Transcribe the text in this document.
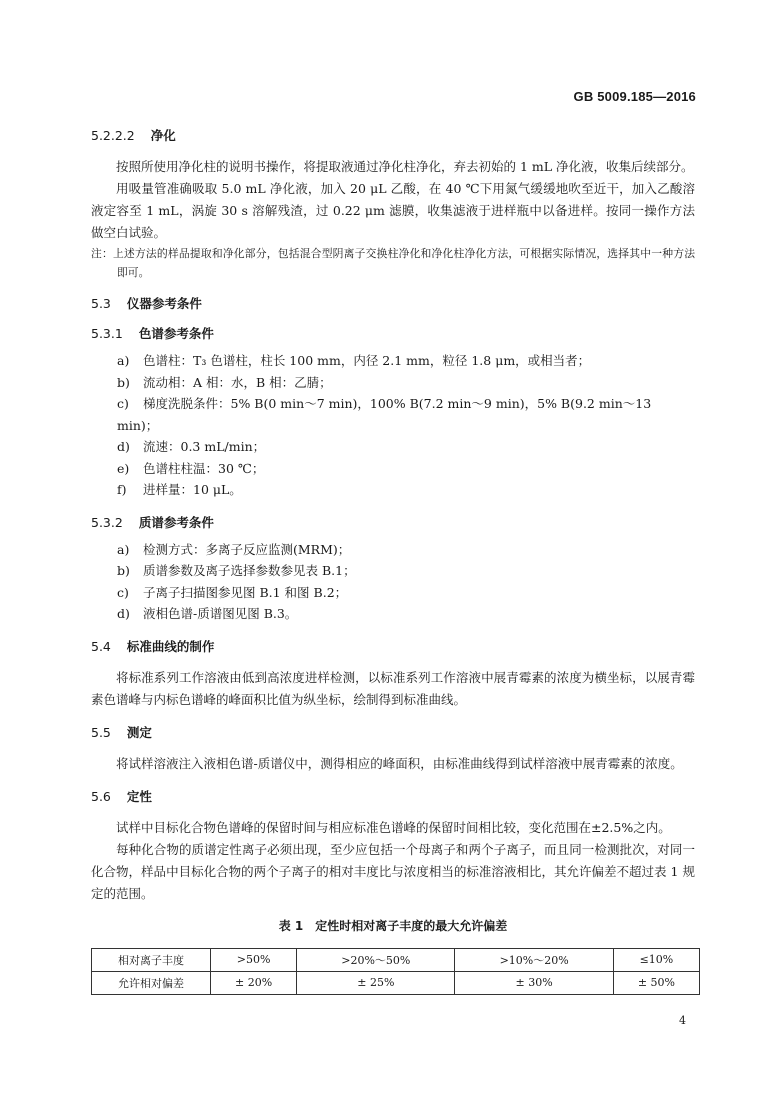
GB 5009.185—2016
5.2.2.2 净化

按照所使用净化柱的说明书操作，将提取液通过净化柱净化，弃去初始的 1 mL 净化液，收集后续部分。

用吸量管准确吸取 5.0 mL 净化液，加入 20 μL 乙酸，在 40 ℃下用氮气缓缓地吹至近干，加入乙酸溶液定容至 1 mL，涡旋 30 s 溶解残渣，过 0.22 μm 滤膜，收集滤液于进样瓶中以备进样。按同一操作方法做空白试验。

注：上述方法的样品提取和净化部分，包括混合型阴离子交换柱净化和净化柱净化方法，可根据实际情况，选择其中一种方法即可。

5.3 仪器参考条件
5.3.1 色谱参考条件
a) 色谱柱：T₃ 色谱柱，柱长 100 mm，内径 2.1 mm，粒径 1.8 μm，或相当者；
b) 流动相：A 相：水，B 相：乙腈；
c) 梯度洗脱条件：5% B(0 min～7 min)，100% B(7.2 min～9 min)，5% B(9.2 min～13 min)；
d) 流速：0.3 mL/min；
e) 色谱柱柱温：30 ℃；
f) 进样量：10 μL。
5.3.2 质谱参考条件
a) 检测方式：多离子反应监测(MRM)；
b) 质谱参数及离子选择参数参见表 B.1；
c) 子离子扫描图参见图 B.1 和图 B.2；
d) 液相色谱-质谱图见图 B.3。
5.4 标准曲线的制作

将标准系列工作溶液由低到高浓度进样检测，以标准系列工作溶液中展青霉素的浓度为横坐标，以展青霉素色谱峰与内标色谱峰的峰面积比值为纵坐标，绘制得到标准曲线。

5.5 测定

将试样溶液注入液相色谱-质谱仪中，测得相应的峰面积，由标准曲线得到试样溶液中展青霉素的浓度。

5.6 定性

试样中目标化合物色谱峰的保留时间与相应标准色谱峰的保留时间相比较，变化范围在±2.5%之内。

每种化合物的质谱定性离子必须出现，至少应包括一个母离子和两个子离子，而且同一检测批次，对同一化合物，样品中目标化合物的两个子离子的相对丰度比与浓度相当的标准溶液相比，其允许偏差不超过表 1 规定的范围。

表 1　定性时相对离子丰度的最大允许偏差

相对离子丰度	>50%	>20%～50%	>10%～20%	≤10%
允许相对偏差	± 20%	± 25%	± 30%	± 50%
4
